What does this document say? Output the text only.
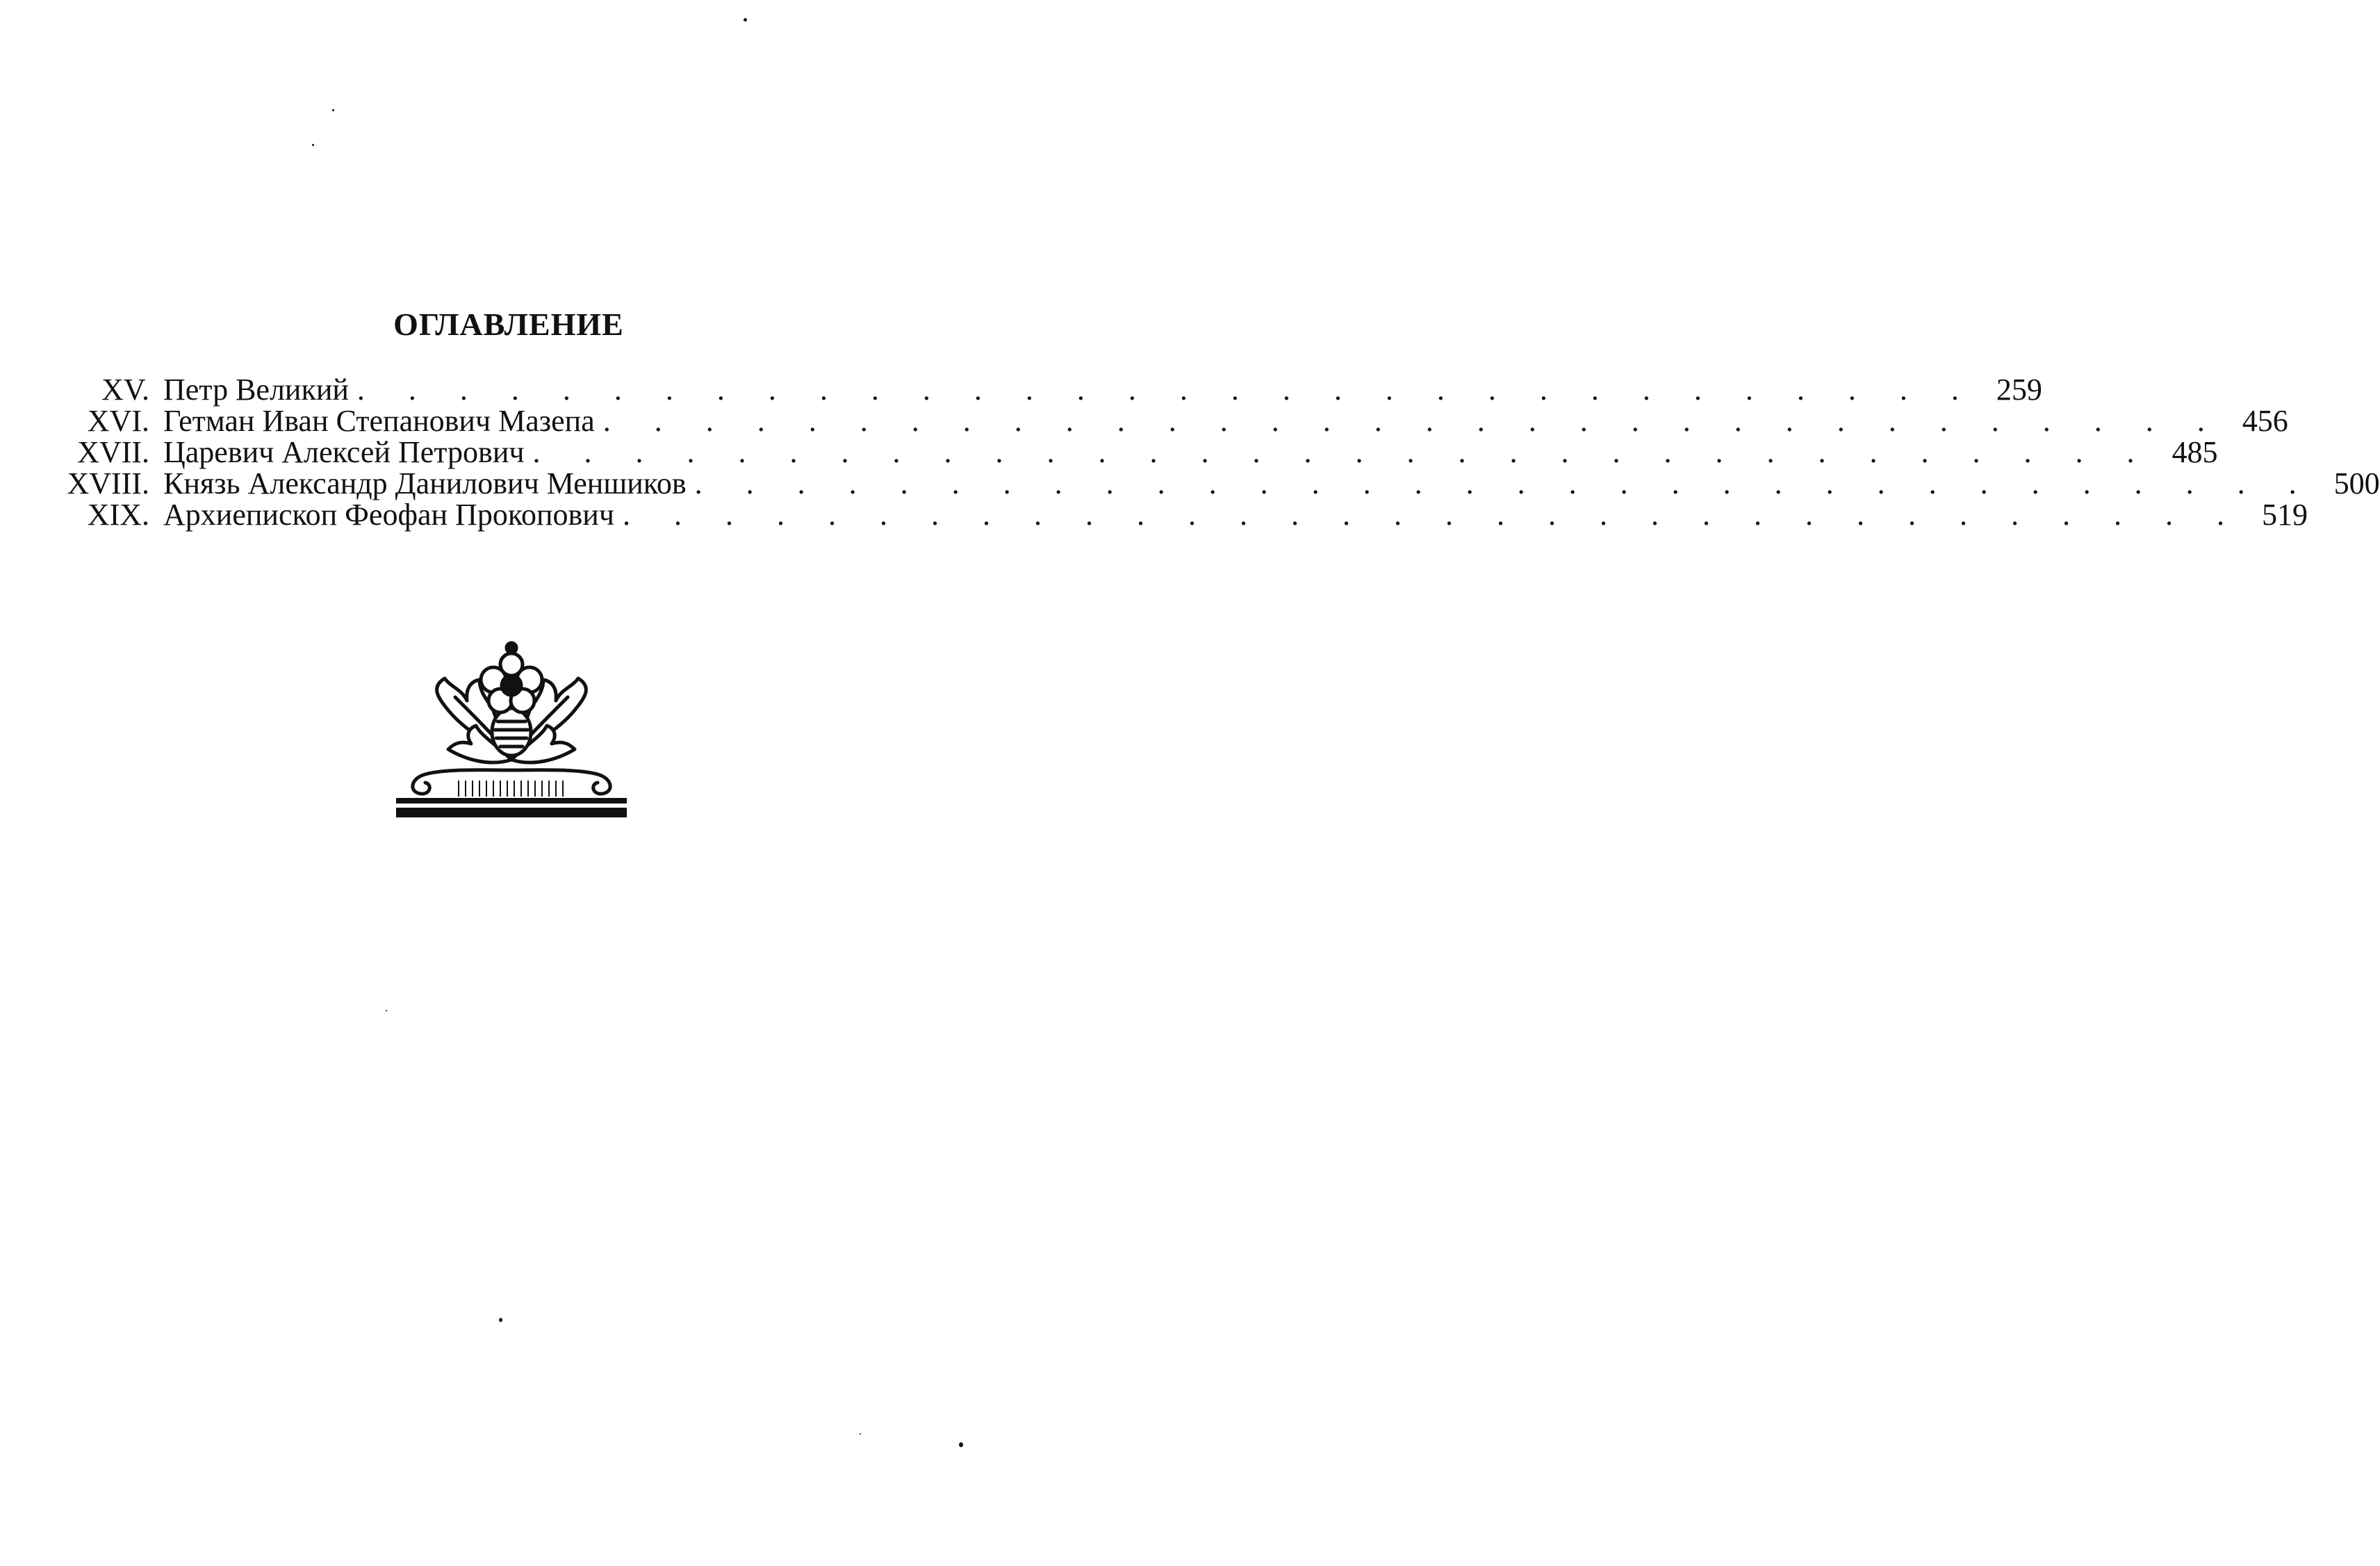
ОГЛАВЛЕНИЕ
XV. Петр Великий . . . . . . . . . . . . . . . . . . . . . . . . . . . . . . . . 259
XVI. Гетман Иван Степанович Мазепа . . . . . . . . . . . . . . . . . . . . . . . . . . . . . . . . 456
XVII. Царевич Алексей Петрович . . . . . . . . . . . . . . . . . . . . . . . . . . . . . . . . 485
XVIII. Князь Александр Данилович Меншиков . . . . . . . . . . . . . . . . . . . . . . . . . . . . . . . . 500
XIX. Архиепископ Феофан Прокопович . . . . . . . . . . . . . . . . . . . . . . . . . . . . . . . . 519
